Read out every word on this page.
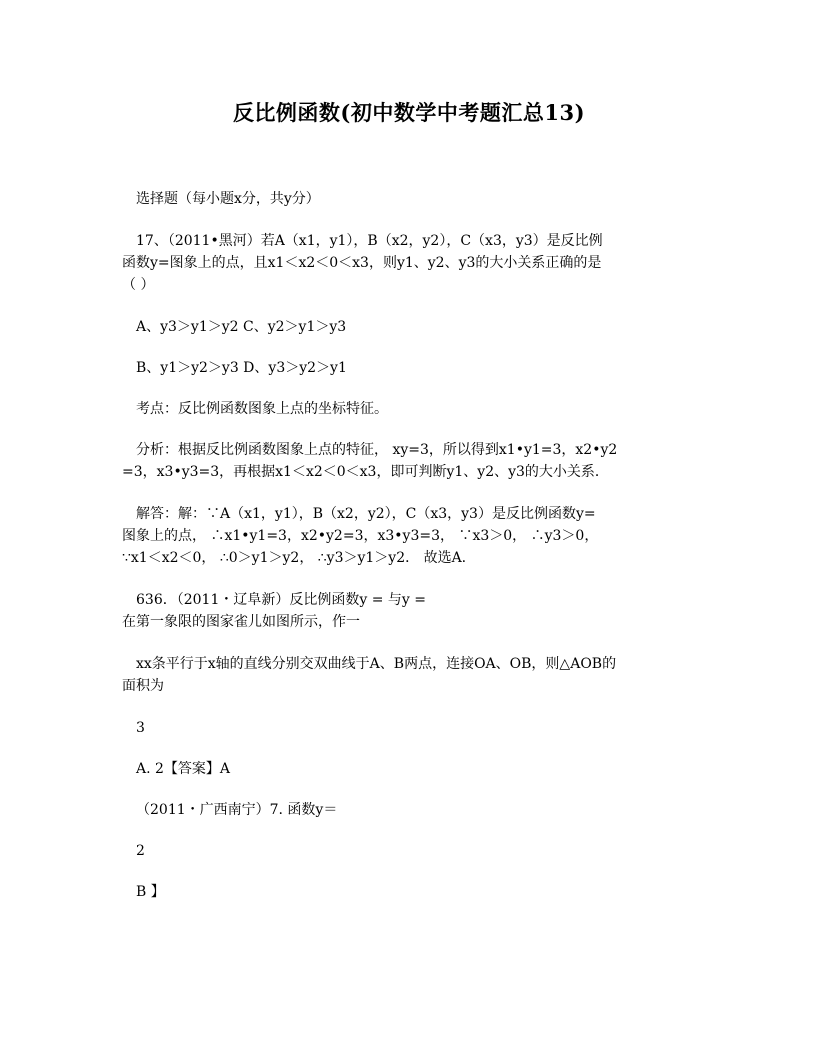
反比例函数(初中数学中考题汇总13)

选择题（每小题x分，共y分）

17、（2011•黑河）若A（x1，y1），B（x2，y2），C（x3，y3）是反比例
函数y=图象上的点，且x1＜x2＜0＜x3，则y1、y2、y3的大小关系正确的是
（ ）

A、y3＞y1＞y2 C、y2＞y1＞y3

B、y1＞y2＞y3 D、y3＞y2＞y1

考点：反比例函数图象上点的坐标特征。

分析：根据反比例函数图象上点的特征， xy=3，所以得到x1•y1=3，x2•y2
=3，x3•y3=3，再根据x1＜x2＜0＜x3，即可判断y1、y2、y3的大小关系．

解答：解：∵A（x1，y1），B（x2，y2），C（x3，y3）是反比例函数y=
图象上的点， ∴x1•y1=3，x2•y2=3，x3•y3=3， ∵x3＞0， ∴y3＞0，
∵x1＜x2＜0， ∴0＞y1＞y2， ∴y3＞y1＞y2． 故选A.

636．（2011・辽阜新）反比例函数y = 与y =
在第一象限的图家雀儿如图所示，作一

xx条平行于x轴的直线分别交双曲线于A、B两点，连接OA、OB，则△AOB的
面积为

3

A. 2【答案】A

（2011・广西南宁）7. 函数y＝

2

B 】
